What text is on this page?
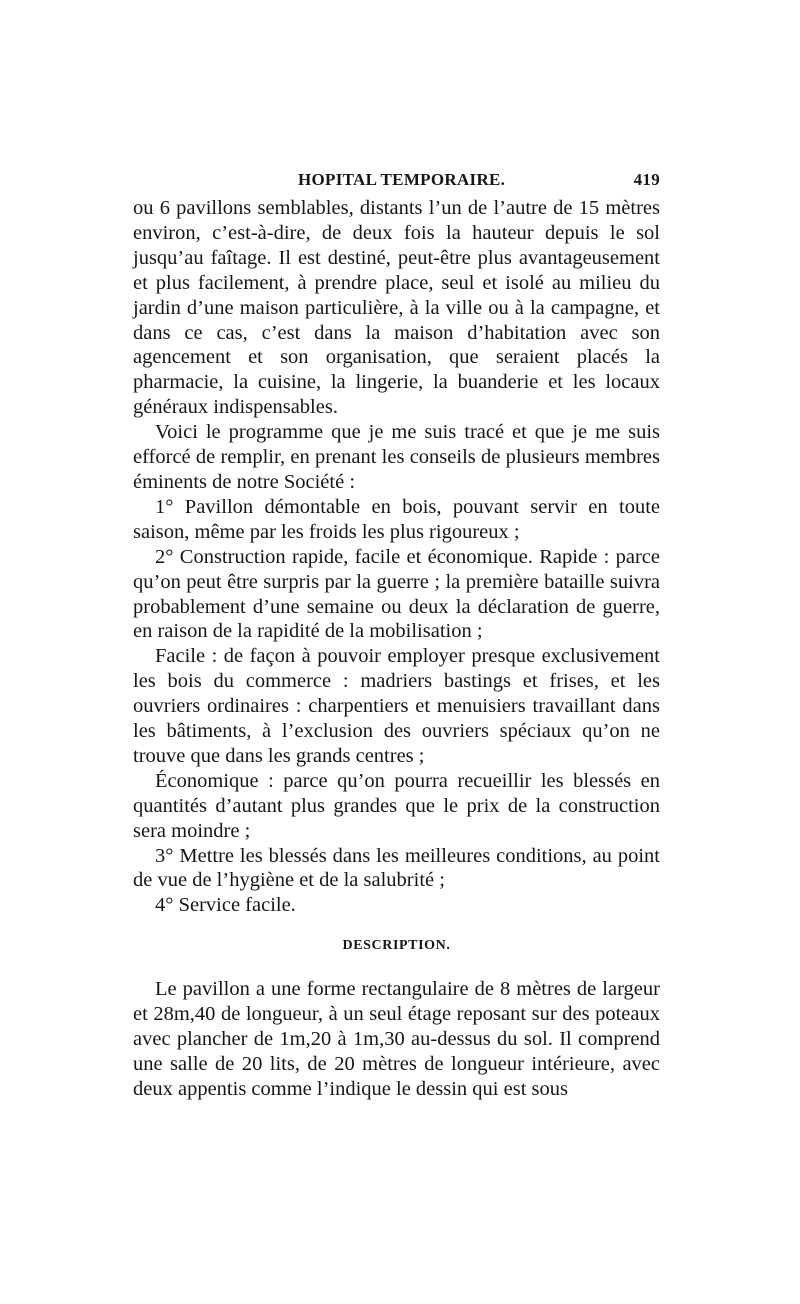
HOPITAL TEMPORAIRE.	419

ou 6 pavillons semblables, distants l’un de l’autre de 15 mètres environ, c’est-à-dire, de deux fois la hauteur depuis le sol jusqu’au faîtage. Il est destiné, peut-être plus avantageusement et plus facilement, à prendre place, seul et isolé au milieu du jardin d’une maison particulière, à la ville ou à la campagne, et dans ce cas, c’est dans la maison d’habitation avec son agencement et son organisation, que seraient placés la pharmacie, la cuisine, la lingerie, la buanderie et les locaux généraux indispensables.

Voici le programme que je me suis tracé et que je me suis efforcé de remplir, en prenant les conseils de plusieurs membres éminents de notre Société :

1° Pavillon démontable en bois, pouvant servir en toute saison, même par les froids les plus rigoureux ;

2° Construction rapide, facile et économique. Rapide : parce qu’on peut être surpris par la guerre ; la première bataille suivra probablement d’une semaine ou deux la déclaration de guerre, en raison de la rapidité de la mobilisation ;

Facile : de façon à pouvoir employer presque exclusivement les bois du commerce : madriers bastings et frises, et les ouvriers ordinaires : charpentiers et menuisiers travaillant dans les bâtiments, à l’exclusion des ouvriers spéciaux qu’on ne trouve que dans les grands centres ;

Économique : parce qu’on pourra recueillir les blessés en quantités d’autant plus grandes que le prix de la construction sera moindre ;

3° Mettre les blessés dans les meilleures conditions, au point de vue de l’hygiène et de la salubrité ;

4° Service facile.

DESCRIPTION.

Le pavillon a une forme rectangulaire de 8 mètres de largeur et 28m,40 de longueur, à un seul étage reposant sur des poteaux avec plancher de 1m,20 à 1m,30 au-dessus du sol. Il comprend une salle de 20 lits, de 20 mètres de longueur intérieure, avec deux appentis comme l’indique le dessin qui est sous
